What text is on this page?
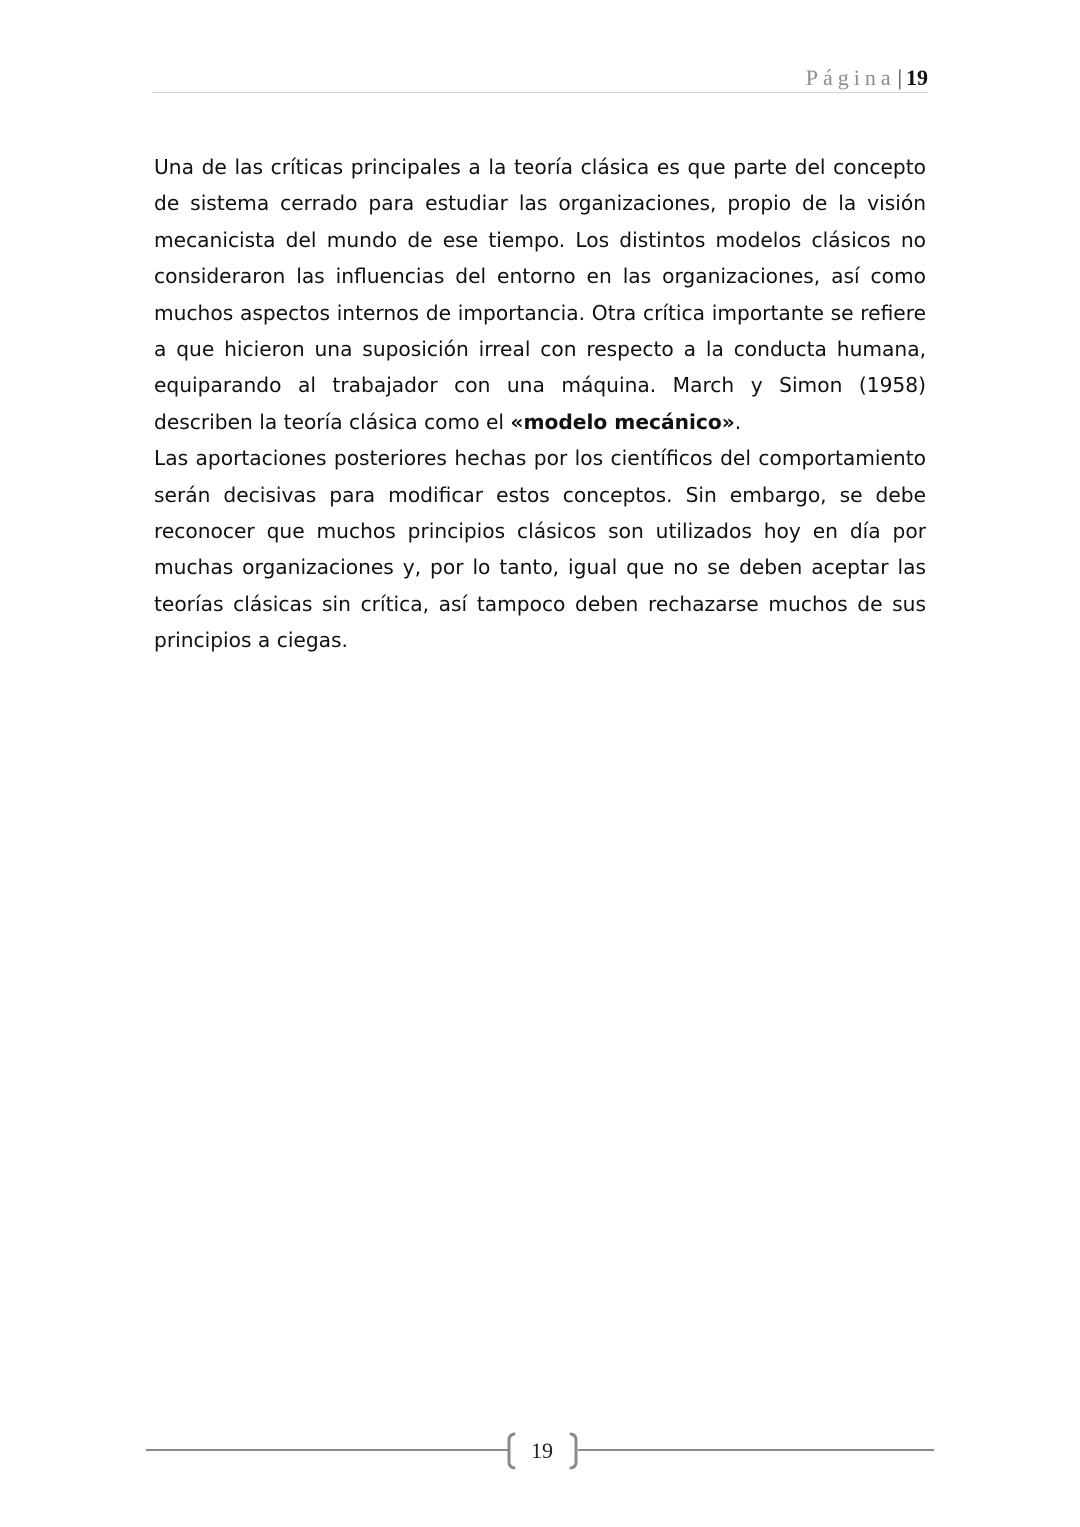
Página| 19

Una de las críticas principales a la teoría clásica es que parte del concepto de sistema cerrado para estudiar las organizaciones, propio de la visión mecanicista del mundo de ese tiempo. Los distintos modelos clásicos no consideraron las influencias del entorno en las organizaciones, así como muchos aspectos internos de importancia. Otra crítica importante se refiere a que hicieron una suposición irreal con respecto a la conducta humana, equiparando al trabajador con una máquina. March y Simon (1958) describen la teoría clásica como el «modelo mecánico».

Las aportaciones posteriores hechas por los científicos del comportamiento serán decisivas para modificar estos conceptos. Sin embargo, se debe reconocer que muchos principios clásicos son utilizados hoy en día por muchas organizaciones y, por lo tanto, igual que no se deben aceptar las teorías clásicas sin crítica, así tampoco deben rechazarse muchos de sus principios a ciegas.

19
